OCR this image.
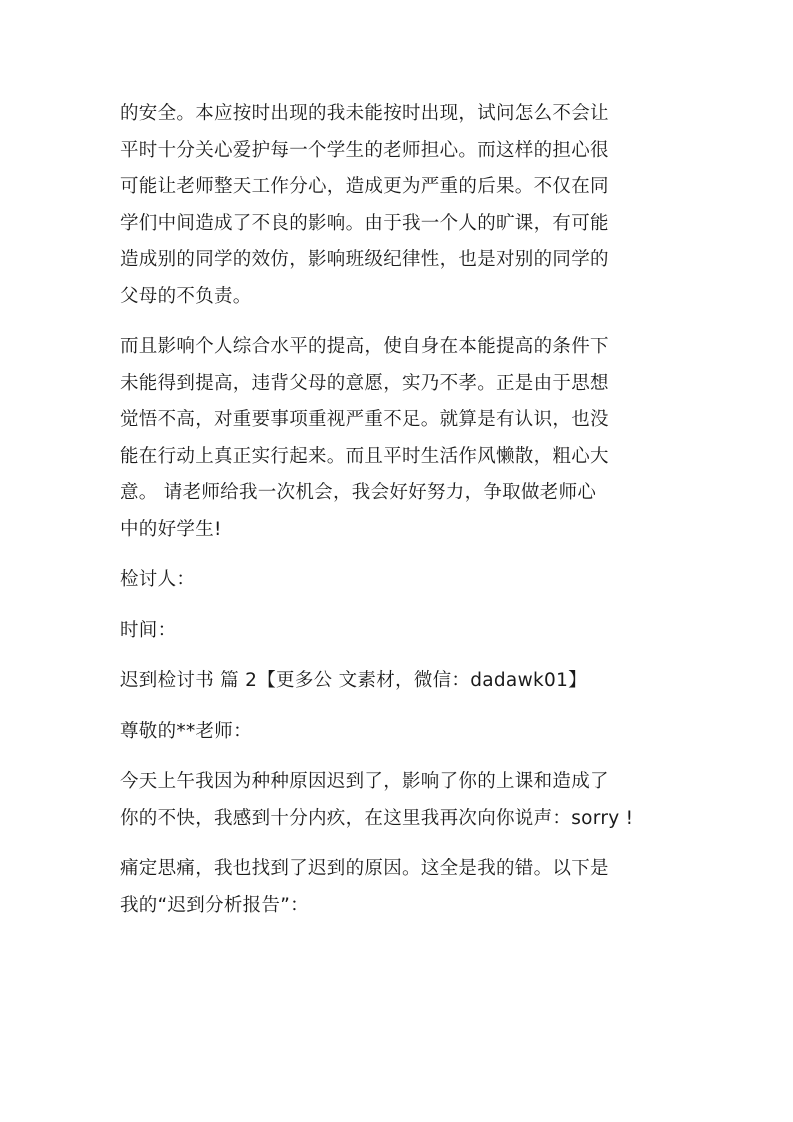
的安全。本应按时出现的我未能按时出现，试问怎么不会让
平时十分关心爱护每一个学生的老师担心。而这样的担心很
可能让老师整天工作分心，造成更为严重的后果。不仅在同
学们中间造成了不良的影响。由于我一个人的旷课，有可能
造成别的同学的效仿，影响班级纪律性，也是对别的同学的
父母的不负责。

而且影响个人综合水平的提高，使自身在本能提高的条件下
未能得到提高，违背父母的意愿，实乃不孝。正是由于思想
觉悟不高，对重要事项重视严重不足。就算是有认识，也没
能在行动上真正实行起来。而且平时生活作风懒散，粗心大
意。 请老师给我一次机会，我会好好努力，争取做老师心
中的好学生!

检讨人：

时间：

迟到检讨书 篇 2【更多公 文素材，微信：dadawk01】

尊敬的**老师：

今天上午我因为种种原因迟到了，影响了你的上课和造成了
你的不快，我感到十分内疚，在这里我再次向你说声：sorry !

痛定思痛，我也找到了迟到的原因。这全是我的错。以下是
我的“迟到分析报告”：
